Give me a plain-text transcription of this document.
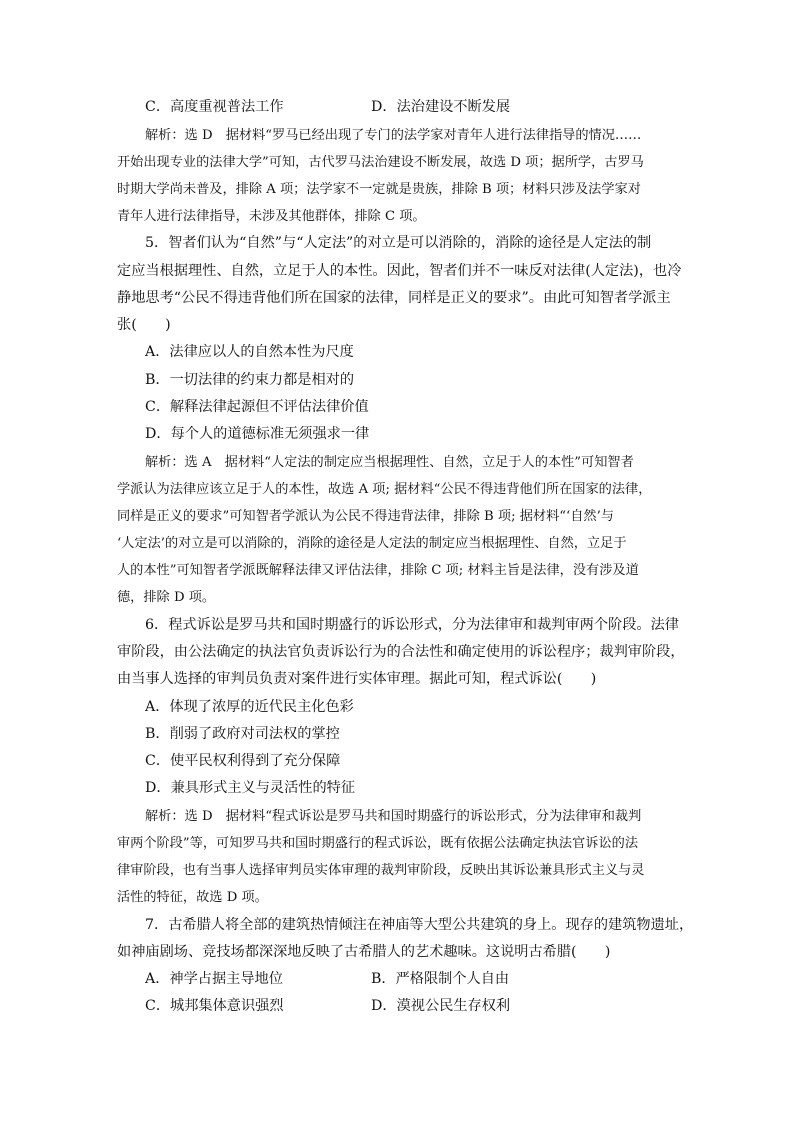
C．高度重视普法工作	D．法治建设不断发展
解析：选 D　据材料“罗马已经出现了专门的法学家对青年人进行法律指导的情况……
开始出现专业的法律大学”可知，古代罗马法治建设不断发展，故选 D 项；据所学，古罗马
时期大学尚未普及，排除 A 项；法学家不一定就是贵族，排除 B 项；材料只涉及法学家对
青年人进行法律指导，未涉及其他群体，排除 C 项。
5．智者们认为“自然”与“人定法”的对立是可以消除的，消除的途径是人定法的制
定应当根据理性、自然，立足于人的本性。因此，智者们并不一味反对法律(人定法)，也冷
静地思考“公民不得违背他们所在国家的法律，同样是正义的要求”。由此可知智者学派主
张(　　)
A．法律应以人的自然本性为尺度
B．一切法律的约束力都是相对的
C．解释法律起源但不评估法律价值
D．每个人的道德标准无须强求一律
解析：选 A　据材料“人定法的制定应当根据理性、自然，立足于人的本性”可知智者
学派认为法律应该立足于人的本性，故选 A 项; 据材料“公民不得违背他们所在国家的法律，
同样是正义的要求”可知智者学派认为公民不得违背法律，排除 B 项; 据材料“‘自然’与
‘人定法’的对立是可以消除的，消除的途径是人定法的制定应当根据理性、自然，立足于
人的本性”可知智者学派既解释法律又评估法律，排除 C 项; 材料主旨是法律，没有涉及道
德，排除 D 项。
6．程式诉讼是罗马共和国时期盛行的诉讼形式，分为法律审和裁判审两个阶段。法律
审阶段，由公法确定的执法官负责诉讼行为的合法性和确定使用的诉讼程序；裁判审阶段，
由当事人选择的审判员负责对案件进行实体审理。据此可知，程式诉讼(　　)
A．体现了浓厚的近代民主化色彩
B．削弱了政府对司法权的掌控
C．使平民权利得到了充分保障
D．兼具形式主义与灵活性的特征
解析：选 D　据材料“程式诉讼是罗马共和国时期盛行的诉讼形式，分为法律审和裁判
审两个阶段”等，可知罗马共和国时期盛行的程式诉讼，既有依据公法确定执法官诉讼的法
律审阶段，也有当事人选择审判员实体审理的裁判审阶段，反映出其诉讼兼具形式主义与灵
活性的特征，故选 D 项。
7．古希腊人将全部的建筑热情倾注在神庙等大型公共建筑的身上。现存的建筑物遗址，
如神庙剧场、竞技场都深深地反映了古希腊人的艺术趣味。这说明古希腊(　　)
A．神学占据主导地位	B．严格限制个人自由
C．城邦集体意识强烈	D．漠视公民生存权利
